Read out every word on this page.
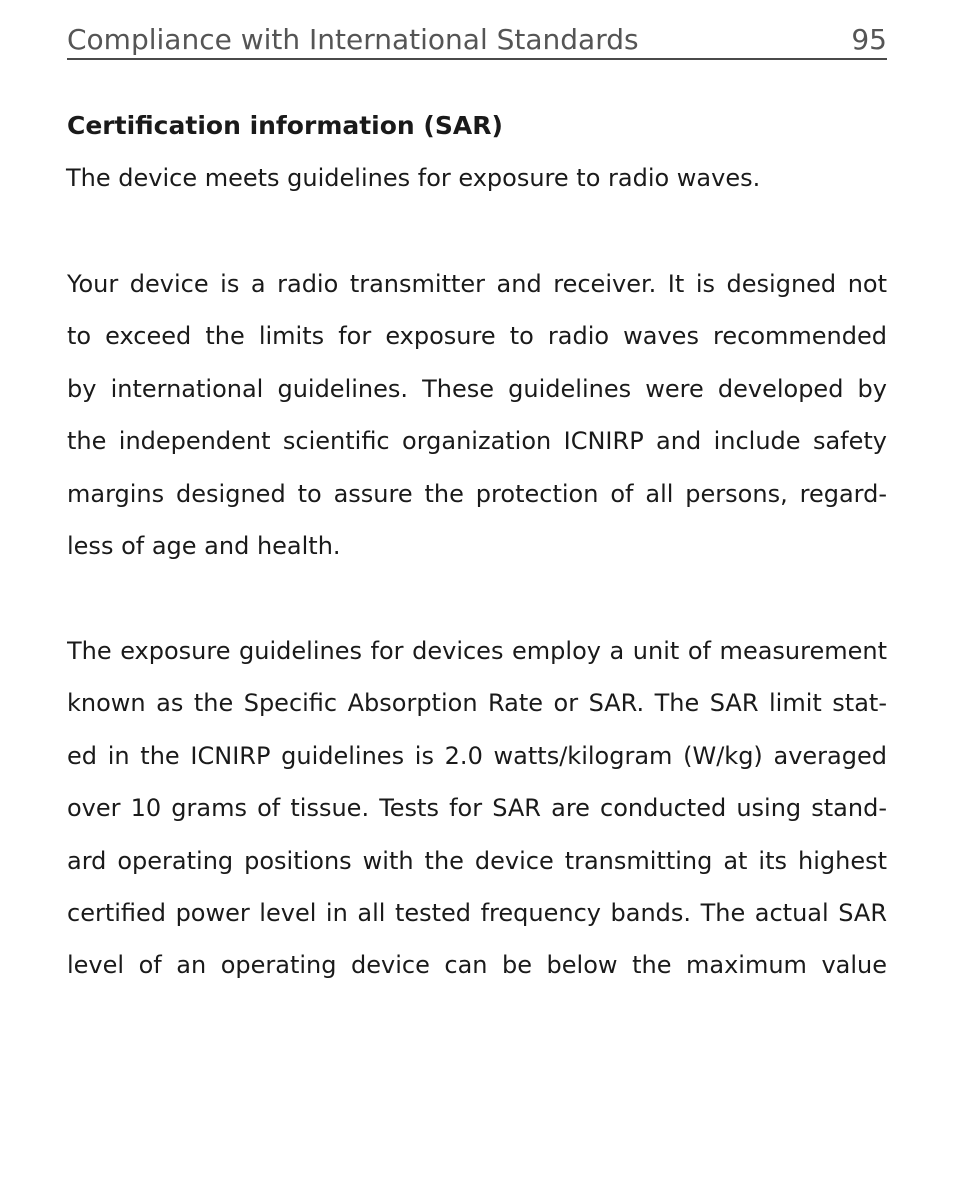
Compliance with International Standards	95
Certification information (SAR)
The device meets guidelines for exposure to radio waves.
Your device is a radio transmitter and receiver. It is designed not
to exceed the limits for exposure to radio waves recommended
by international guidelines. These guidelines were developed by
the independent scientific organization ICNIRP and include safety
margins designed to assure the protection of all persons, regard-
less of age and health.
The exposure guidelines for devices employ a unit of measurement
known as the Specific Absorption Rate or SAR. The SAR limit stat-
ed in the ICNIRP guidelines is 2.0 watts/kilogram (W/kg) averaged
over 10 grams of tissue. Tests for SAR are conducted using stand-
ard operating positions with the device transmitting at its highest
certified power level in all tested frequency bands. The actual SAR
level of an operating device can be below the maximum value
